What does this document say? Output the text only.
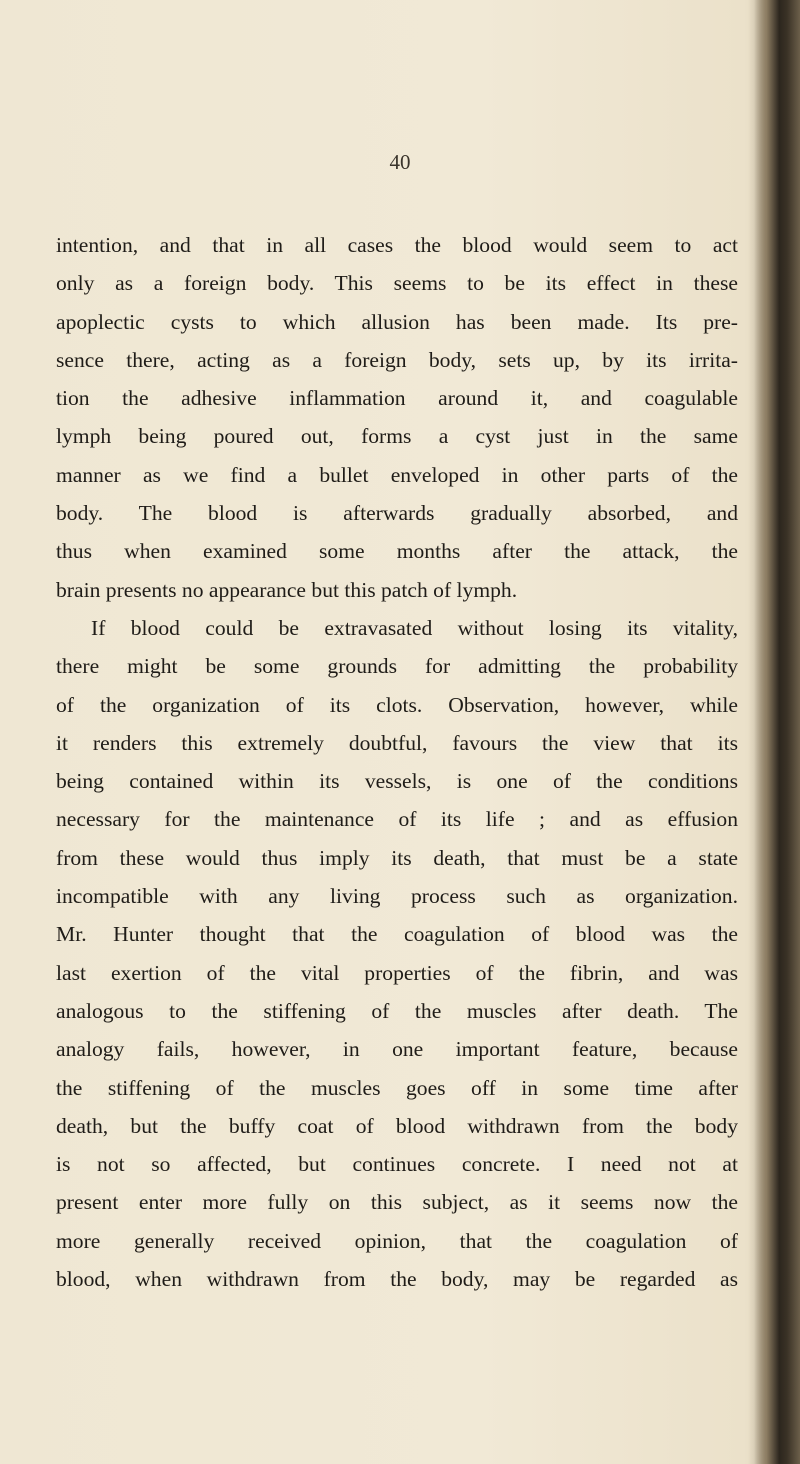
40
intention, and that in all cases the blood would seem to act
only as a foreign body. This seems to be its effect in these
apoplectic cysts to which allusion has been made. Its pre-
sence there, acting as a foreign body, sets up, by its irrita-
tion the adhesive inflammation around it, and coagulable
lymph being poured out, forms a cyst just in the same
manner as we find a bullet enveloped in other parts of the
body. The blood is afterwards gradually absorbed, and
thus when examined some months after the attack, the
brain presents no appearance but this patch of lymph.
If blood could be extravasated without losing its vitality,
there might be some grounds for admitting the probability
of the organization of its clots. Observation, however, while
it renders this extremely doubtful, favours the view that its
being contained within its vessels, is one of the conditions
necessary for the maintenance of its life ; and as effusion
from these would thus imply its death, that must be a state
incompatible with any living process such as organization.
Mr. Hunter thought that the coagulation of blood was the
last exertion of the vital properties of the fibrin, and was
analogous to the stiffening of the muscles after death. The
analogy fails, however, in one important feature, because
the stiffening of the muscles goes off in some time after
death, but the buffy coat of blood withdrawn from the body
is not so affected, but continues concrete. I need not at
present enter more fully on this subject, as it seems now the
more generally received opinion, that the coagulation of
blood, when withdrawn from the body, may be regarded as
